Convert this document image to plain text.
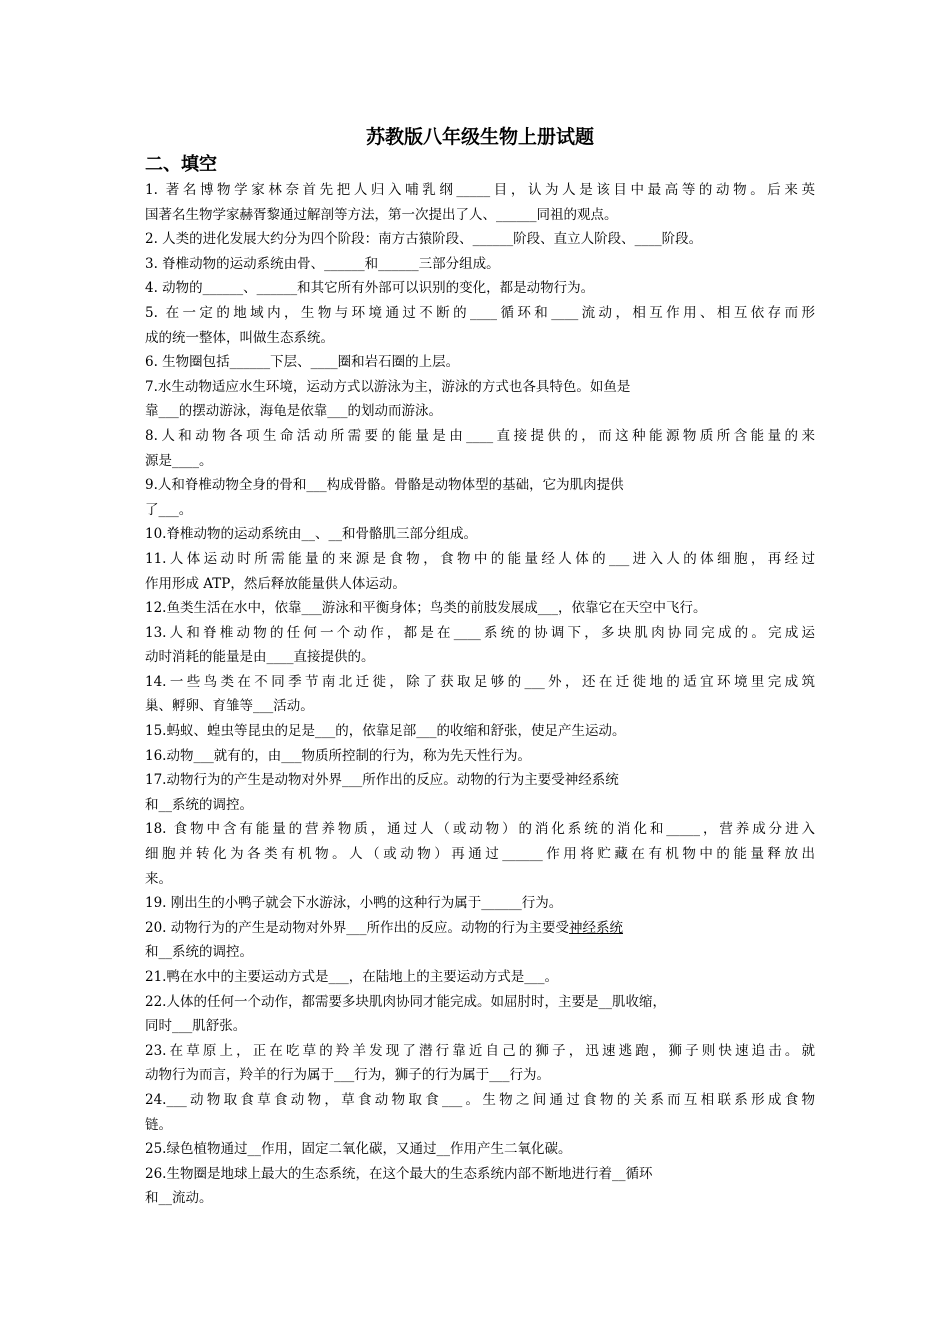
苏教版八年级生物上册试题
二、填空
1. 著名博物学家林奈首先把人归入哺乳纲_____目，认为人是该目中最高等的动物。后来英
国著名生物学家赫胥黎通过解剖等方法，第一次提出了人、______同祖的观点。
2. 人类的进化发展大约分为四个阶段：南方古猿阶段、______阶段、直立人阶段、____阶段。
3. 脊椎动物的运动系统由骨、______和______三部分组成。
4. 动物的______、______和其它所有外部可以识别的变化，都是动物行为。
5. 在一定的地域内，生物与环境通过不断的____循环和____流动，相互作用、相互依存而形
成的统一整体，叫做生态系统。
6. 生物圈包括______下层、____圈和岩石圈的上层。
7.水生动物适应水生环境，运动方式以游泳为主，游泳的方式也各具特色。如鱼是
靠___的摆动游泳，海龟是依靠___的划动而游泳。
8.人和动物各项生命活动所需要的能量是由____直接提供的，而这种能源物质所含能量的来
源是____。
9.人和脊椎动物全身的骨和___构成骨骼。骨骼是动物体型的基础，它为肌肉提供
了___。
10.脊椎动物的运动系统由__、__和骨骼肌三部分组成。
11.人体运动时所需能量的来源是食物，食物中的能量经人体的___进入人的体细胞，再经过
作用形成 ATP，然后释放能量供人体运动。
12.鱼类生活在水中，依靠___游泳和平衡身体；鸟类的前肢发展成___，依靠它在天空中飞行。
13.人和脊椎动物的任何一个动作，都是在____系统的协调下，多块肌肉协同完成的。完成运
动时消耗的能量是由____直接提供的。
14.一些鸟类在不同季节南北迁徙，除了获取足够的___外，还在迁徙地的适宜环境里完成筑
巢、孵卵、育雏等___活动。
15.蚂蚁、蝗虫等昆虫的足是___的，依靠足部___的收缩和舒张，使足产生运动。
16.动物___就有的，由___物质所控制的行为，称为先天性行为。
17.动物行为的产生是动物对外界___所作出的反应。动物的行为主要受神经系统
和__系统的调控。
18. 食物中含有能量的营养物质，通过人（或动物）的消化系统的消化和_____，营养成分进入
细胞并转化为各类有机物。人（或动物）再通过______作用将贮藏在有机物中的能量释放出
来。
19. 刚出生的小鸭子就会下水游泳，小鸭的这种行为属于______行为。
20. 动物行为的产生是动物对外界___所作出的反应。动物的行为主要受神经系统
和__系统的调控。
21.鸭在水中的主要运动方式是___，在陆地上的主要运动方式是___。
22.人体的任何一个动作，都需要多块肌肉协同才能完成。如屈肘时，主要是__肌收缩，
同时___肌舒张。
23.在草原上，正在吃草的羚羊发现了潜行靠近自己的狮子，迅速逃跑，狮子则快速追击。就
动物行为而言，羚羊的行为属于___行为，狮子的行为属于___行为。
24.___动物取食草食动物，草食动物取食___。生物之间通过食物的关系而互相联系形成食物
链。
25.绿色植物通过__作用，固定二氧化碳，又通过__作用产生二氧化碳。
26.生物圈是地球上最大的生态系统，在这个最大的生态系统内部不断地进行着__循环
和__流动。
